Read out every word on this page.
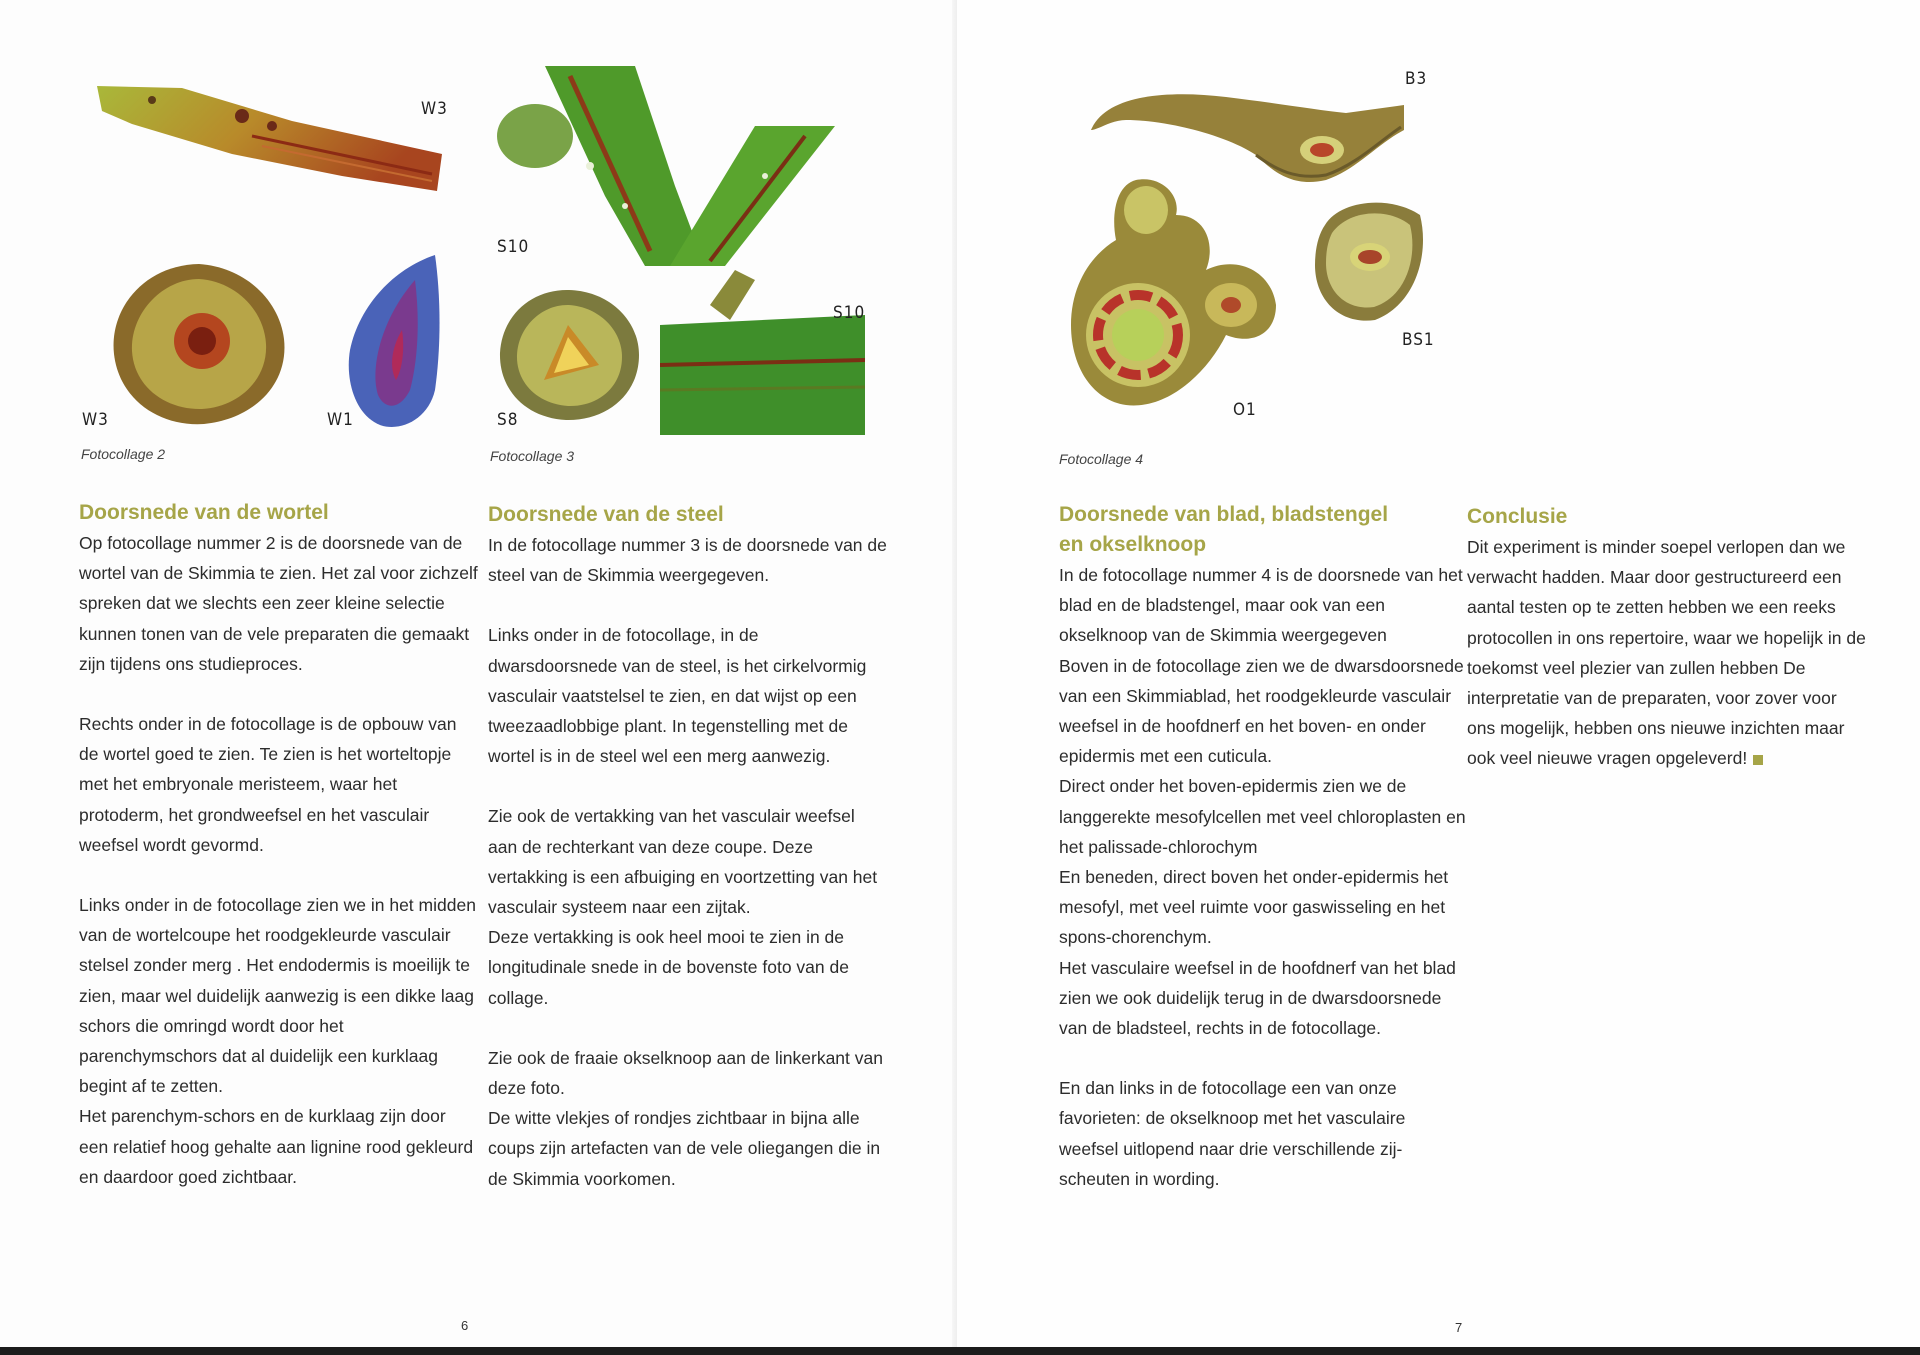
W3
W3	W1
Fotocollage 2
S10
S8
S10
Fotocollage 3
Doorsnede van de wortel

Op fotocollage nummer 2 is de doorsnede van de wortel van de Skimmia te zien. Het zal voor zichzelf spreken dat we slechts een zeer kleine selectie kunnen tonen van de vele preparaten die gemaakt zijn tijdens ons studieproces.

Rechts onder in de fotocollage is de opbouw van de wortel goed te zien. Te zien is het worteltopje met het embryonale meristeem, waar het protoderm, het grondweefsel en het vasculair weefsel wordt gevormd.

Links onder in de fotocollage zien we in het midden van de wortelcoupe het roodgekleurde vasculair stelsel zonder merg . Het endodermis is moeilijk te zien, maar wel duidelijk aanwezig is een dikke laag schors die omringd wordt door het parenchymschors dat al duidelijk een kurklaag begint af te zetten.

Het parenchym-schors en de kurklaag zijn door een relatief hoog gehalte aan lignine rood gekleurd en daardoor goed zichtbaar.

Doorsnede van de steel

In de fotocollage nummer 3 is de doorsnede van de steel van de Skimmia weergegeven.

Links onder in de fotocollage, in de dwarsdoorsnede van de steel, is het cirkelvormig vasculair vaatstelsel te zien, en dat wijst op een tweezaadlobbige plant. In tegenstelling met de wortel is in de steel wel een merg aanwezig.

Zie ook de vertakking van het vasculair weefsel aan de rechterkant van deze coupe. Deze vertakking is een afbuiging en voortzetting van het vasculair systeem naar een zijtak.

Deze vertakking is ook heel mooi te zien in de longitudinale snede in de bovenste foto van de collage.

Zie ook de fraaie okselknoop aan de linkerkant van deze foto.

De witte vlekjes of rondjes zichtbaar in bijna alle coups zijn artefacten van de vele oliegangen die in de Skimmia voorkomen.

6
B3
BS1
O1
Fotocollage 4
Doorsnede van blad, bladstengel
en okselknoop

In de fotocollage nummer 4 is de doorsnede van het blad en de bladstengel, maar ook van een okselknoop van de Skimmia weergegeven

Boven in de fotocollage zien we de dwarsdoorsnede van een Skimmiablad, het roodgekleurde vasculair weefsel in de hoofdnerf en het boven- en onder epidermis met een cuticula.

Direct onder het boven-epidermis zien we de langgerekte mesofylcellen met veel chloroplasten en het palissade-chlorochym

En beneden, direct boven het onder-epidermis het mesofyl, met veel ruimte voor gaswisseling en het spons-chorenchym.

Het vasculaire weefsel in de hoofdnerf van het blad zien we ook duidelijk terug in de dwarsdoorsnede van de bladsteel, rechts in de fotocollage.

En dan links in de fotocollage een van onze favorieten: de okselknoop met het vasculaire weefsel uitlopend naar drie verschillende zij-scheuten in wording.

Conclusie

Dit experiment is minder soepel verlopen dan we verwacht hadden. Maar door gestructureerd een aantal testen op te zetten hebben we een reeks protocollen in ons repertoire, waar we hopelijk in de toekomst veel plezier van zullen hebben De interpretatie van de preparaten, voor zover voor ons mogelijk, hebben ons nieuwe inzichten maar ook veel nieuwe vragen opgeleverd!

7
